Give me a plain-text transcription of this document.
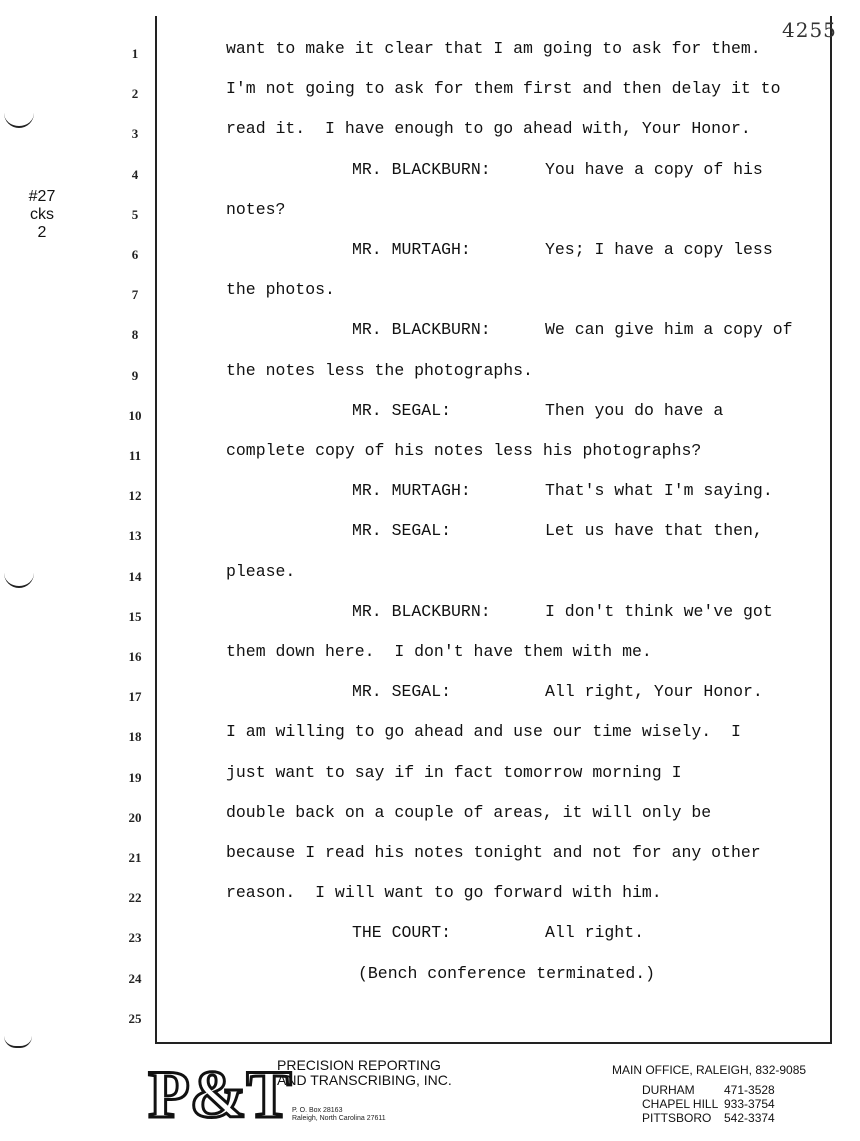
4255
#27
cks
2
1	want to make it clear that I am going to ask for them.
2	I'm not going to ask for them first and then delay it to
3	read it.  I have enough to go ahead with, Your Honor.
4	MR. BLACKBURN:	You have a copy of his
5	notes?
6	MR. MURTAGH:	Yes; I have a copy less
7	the photos.
8	MR. BLACKBURN:	We can give him a copy of
9	the notes less the photographs.
10	MR. SEGAL:	Then you do have a
11	complete copy of his notes less his photographs?
12	MR. MURTAGH:	That's what I'm saying.
13	MR. SEGAL:	Let us have that then,
14	please.
15	MR. BLACKBURN:	I don't think we've got
16	them down here.  I don't have them with me.
17	MR. SEGAL:	All right, Your Honor.
18	I am willing to go ahead and use our time wisely.  I
19	just want to say if in fact tomorrow morning I
20	double back on a couple of areas, it will only be
21	because I read his notes tonight and not for any other
22	reason.  I will want to go forward with him.
23	THE COURT:	All right.
24	(Bench conference terminated.)
25
P&T
PRECISION REPORTING
AND TRANSCRIBING, INC.
P. O. Box 28163
Raleigh, North Carolina 27611
MAIN OFFICE, RALEIGH, 832-9085
DURHAM	471-3528
CHAPEL HILL 933-3754
PITTSBORO	542-3374
